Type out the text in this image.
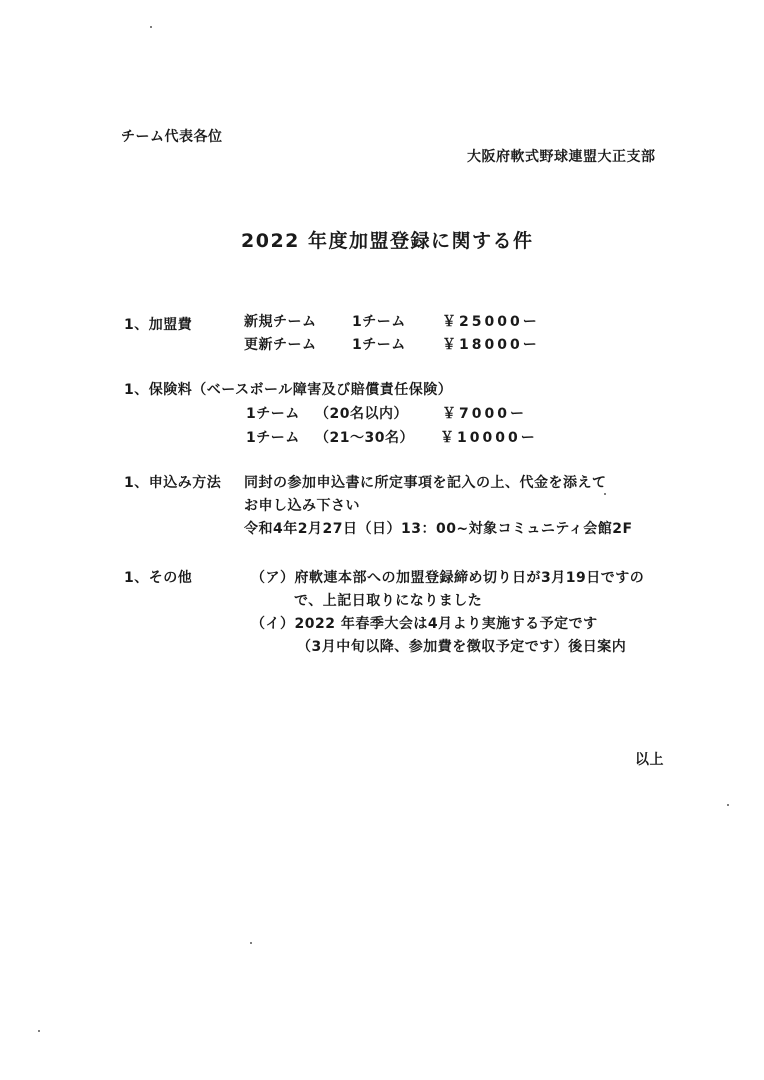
チーム代表各位
大阪府軟式野球連盟大正支部
2022 年度加盟登録に関する件
1、加盟費	新規チーム	1チーム	￥25000ー
更新チーム	1チーム	￥18000ー
1、保険料（ベースボール障害及び賠償責任保険）
1チーム （20名以内） ￥7000ー
1チーム （21～30名） ￥10000ー
1、申込み方法 同封の参加申込書に所定事項を記入の上、代金を添えて
お申し込み下さい
令和4年2月27日（日）13：00~対象コミュニティ会館2F
1、その他	（ア）府軟連本部への加盟登録締め切り日が3月19日ですの
で、上記日取りになりました
（イ）2022 年春季大会は4月より実施する予定です
（3月中旬以降、参加費を徴収予定です）後日案内
以上
